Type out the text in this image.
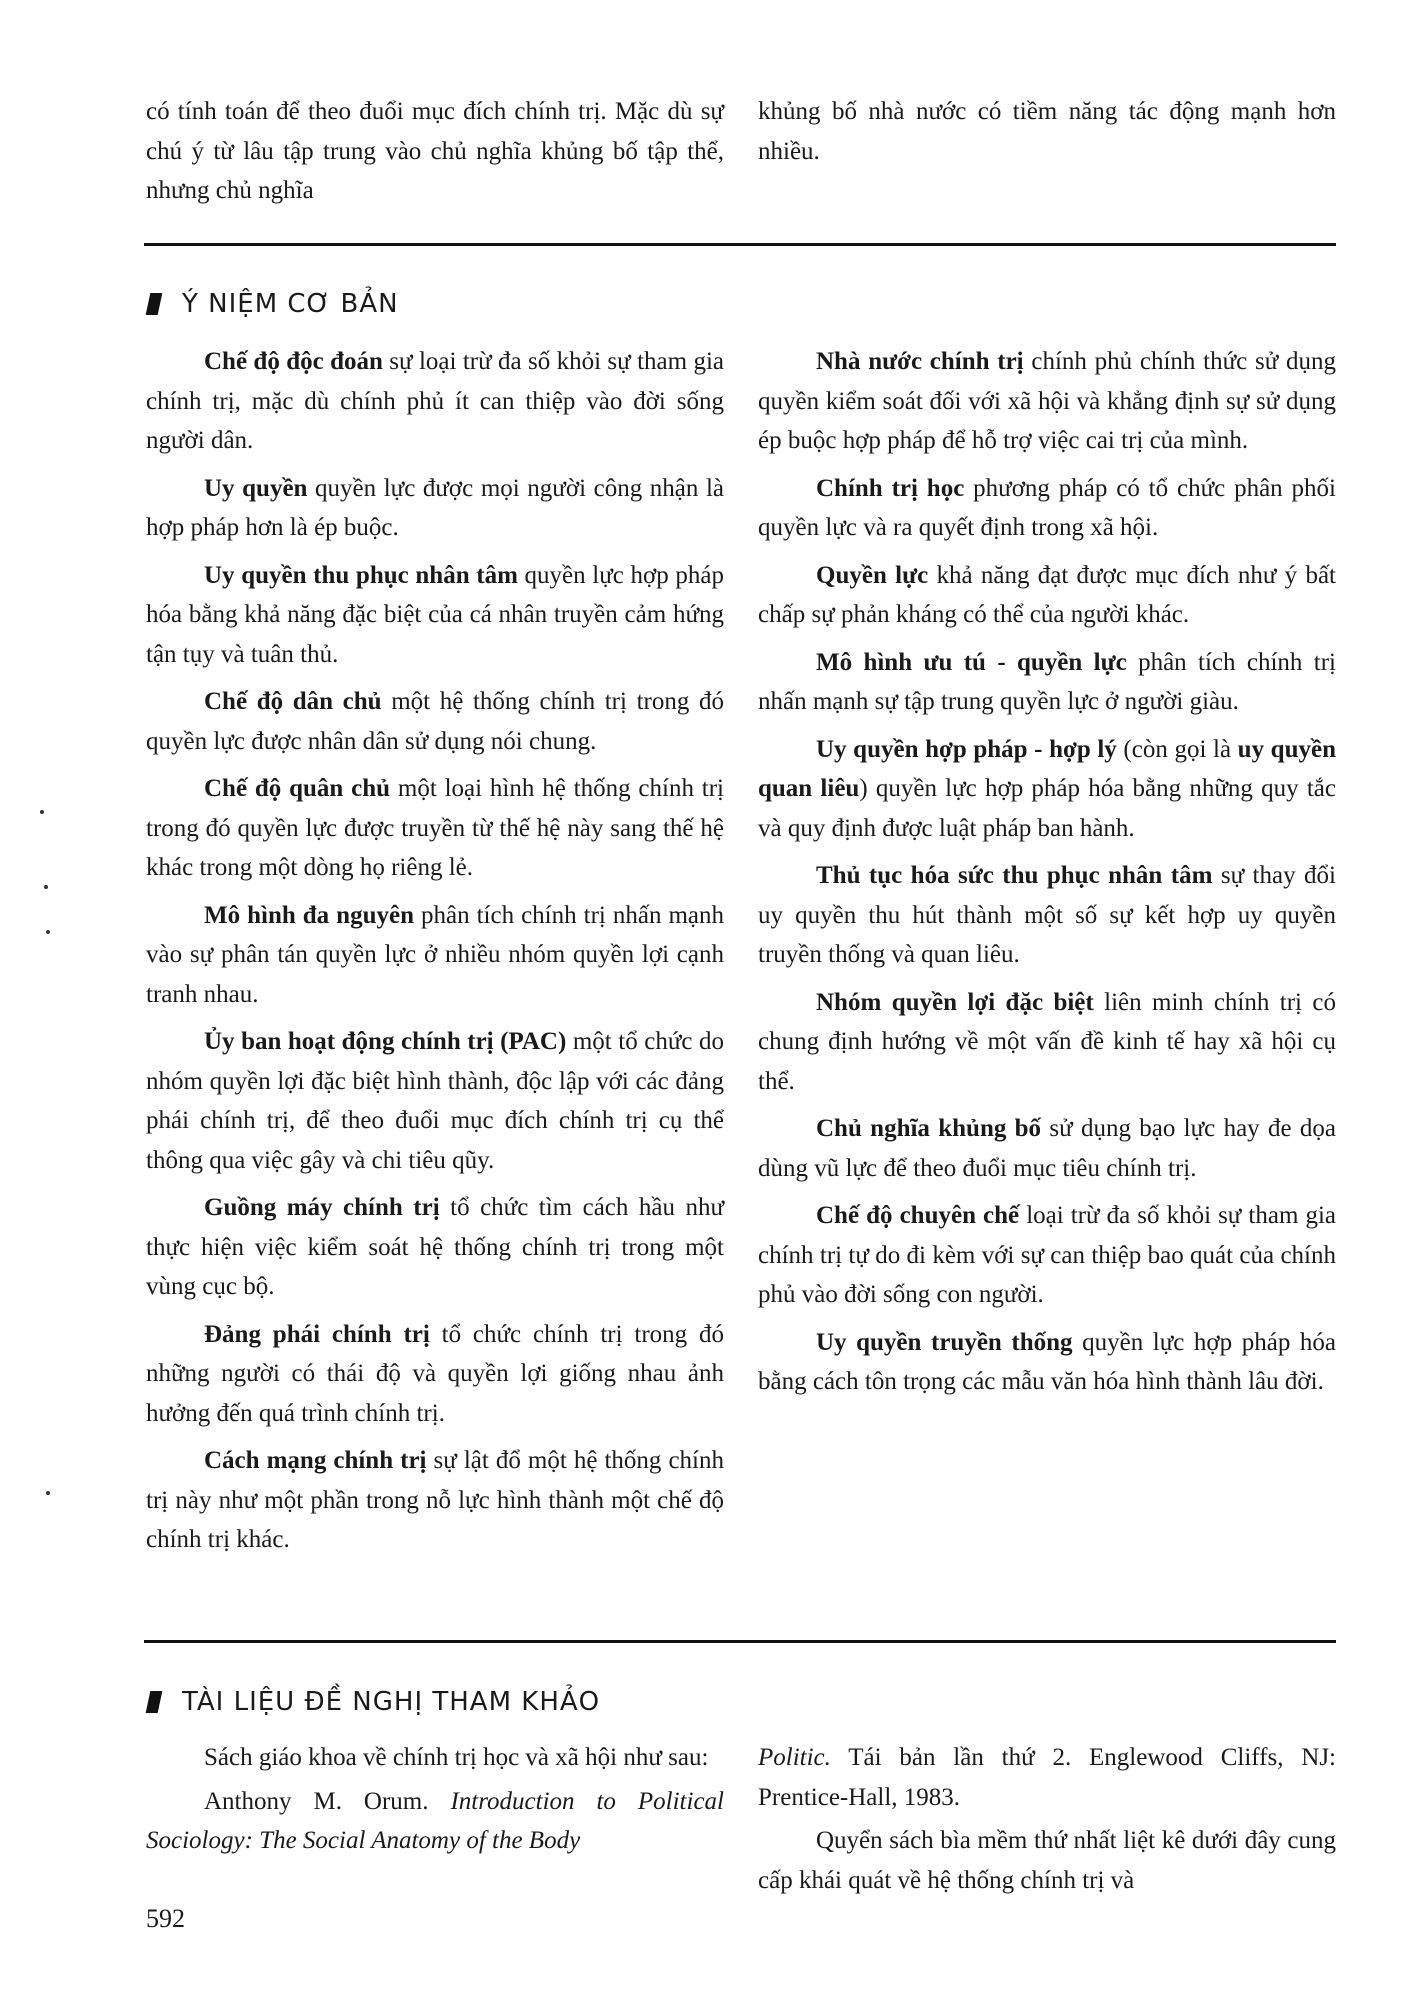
có tính toán để theo đuổi mục đích chính trị. Mặc dù sự chú ý từ lâu tập trung vào chủ nghĩa khủng bố tập thể, nhưng chủ nghĩa

khủng bố nhà nước có tiềm năng tác động mạnh hơn nhiều.

Ý NIỆM CƠ BẢN

Chế độ độc đoán sự loại trừ đa số khỏi sự tham gia chính trị, mặc dù chính phủ ít can thiệp vào đời sống người dân.

Uy quyền quyền lực được mọi người công nhận là hợp pháp hơn là ép buộc.

Uy quyền thu phục nhân tâm quyền lực hợp pháp hóa bằng khả năng đặc biệt của cá nhân truyền cảm hứng tận tụy và tuân thủ.

Chế độ dân chủ một hệ thống chính trị trong đó quyền lực được nhân dân sử dụng nói chung.

Chế độ quân chủ một loại hình hệ thống chính trị trong đó quyền lực được truyền từ thế hệ này sang thế hệ khác trong một dòng họ riêng lẻ.

Mô hình đa nguyên phân tích chính trị nhấn mạnh vào sự phân tán quyền lực ở nhiều nhóm quyền lợi cạnh tranh nhau.

Ủy ban hoạt động chính trị (PAC) một tổ chức do nhóm quyền lợi đặc biệt hình thành, độc lập với các đảng phái chính trị, để theo đuổi mục đích chính trị cụ thể thông qua việc gây và chi tiêu qũy.

Guồng máy chính trị tổ chức tìm cách hầu như thực hiện việc kiểm soát hệ thống chính trị trong một vùng cục bộ.

Đảng phái chính trị tổ chức chính trị trong đó những người có thái độ và quyền lợi giống nhau ảnh hưởng đến quá trình chính trị.

Cách mạng chính trị sự lật đổ một hệ thống chính trị này như một phần trong nỗ lực hình thành một chế độ chính trị khác.

Nhà nước chính trị chính phủ chính thức sử dụng quyền kiểm soát đối với xã hội và khẳng định sự sử dụng ép buộc hợp pháp để hỗ trợ việc cai trị của mình.

Chính trị học phương pháp có tổ chức phân phối quyền lực và ra quyết định trong xã hội.

Quyền lực khả năng đạt được mục đích như ý bất chấp sự phản kháng có thể của người khác.

Mô hình ưu tú - quyền lực phân tích chính trị nhấn mạnh sự tập trung quyền lực ở người giàu.

Uy quyền hợp pháp - hợp lý (còn gọi là uy quyền quan liêu) quyền lực hợp pháp hóa bằng những quy tắc và quy định được luật pháp ban hành.

Thủ tục hóa sức thu phục nhân tâm sự thay đổi uy quyền thu hút thành một số sự kết hợp uy quyền truyền thống và quan liêu.

Nhóm quyền lợi đặc biệt liên minh chính trị có chung định hướng về một vấn đề kinh tế hay xã hội cụ thể.

Chủ nghĩa khủng bố sử dụng bạo lực hay đe dọa dùng vũ lực để theo đuổi mục tiêu chính trị.

Chế độ chuyên chế loại trừ đa số khỏi sự tham gia chính trị tự do đi kèm với sự can thiệp bao quát của chính phủ vào đời sống con người.

Uy quyền truyền thống quyền lực hợp pháp hóa bằng cách tôn trọng các mẫu văn hóa hình thành lâu đời.

TÀI LIỆU ĐỀ NGHỊ THAM KHẢO

Sách giáo khoa về chính trị học và xã hội như sau:

Anthony M. Orum. Introduction to Political Sociology: The Social Anatomy of the Body

Politic. Tái bản lần thứ 2. Englewood Cliffs, NJ: Prentice-Hall, 1983.

Quyển sách bìa mềm thứ nhất liệt kê dưới đây cung cấp khái quát về hệ thống chính trị và

592
